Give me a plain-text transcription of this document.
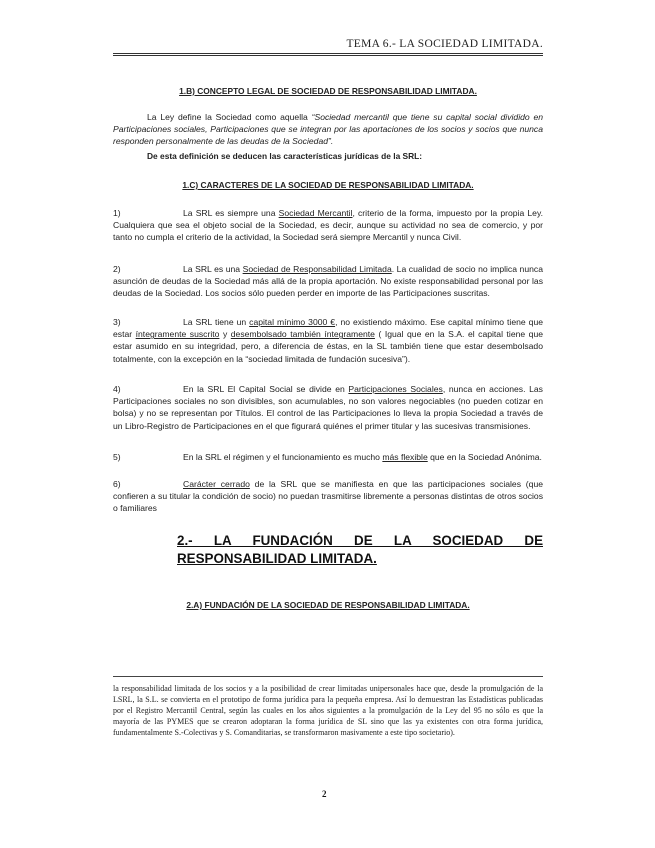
TEMA 6.- LA SOCIEDAD LIMITADA.
1.B) CONCEPTO LEGAL DE SOCIEDAD DE RESPONSABILIDAD LIMITADA.

La Ley define la Sociedad como aquella “Sociedad mercantil que tiene su capital social dividido en Participaciones sociales, Participaciones que se integran por las aportaciones de los socios y socios que nunca responden personalmente de las deudas de la Sociedad”.

De esta definición se deducen las características jurídicas de la SRL:

1.C) CARACTERES DE LA SOCIEDAD DE RESPONSABILIDAD LIMITADA.

1)	La SRL es siempre una Sociedad Mercantil, criterio de la forma, impuesto por la propia Ley. Cualquiera que sea el objeto social de la Sociedad, es decir, aunque su actividad no sea de comercio, y por tanto no cumpla el criterio de la actividad, la Sociedad será siempre Mercantil y nunca Civil.

2)	La SRL es una Sociedad de Responsabilidad Limitada. La cualidad de socio no implica nunca asunción de deudas de la Sociedad más allá de la propia aportación. No existe responsabilidad personal por las deudas de la Sociedad. Los socios sólo pueden perder en importe de las Participaciones suscritas.

3)	La SRL tiene un capital mínimo 3000 €, no existiendo máximo. Ese capital mínimo tiene que estar íntegramente suscrito y desembolsado también íntegramente ( Igual que en la S.A. el capital tiene que estar asumido en su integridad, pero, a diferencia de éstas, en la SL también tiene que estar desembolsado totalmente, con la excepción en la “sociedad limitada de fundación sucesiva”).

4)	En la SRL El Capital Social se divide en Participaciones Sociales, nunca en acciones. Las Participaciones sociales no son divisibles, son acumulables, no son valores negociables (no pueden cotizar en bolsa) y no se representan por Títulos. El control de las Participaciones lo lleva la propia Sociedad a través de un Libro-Registro de Participaciones en el que figurará quiénes el primer titular y las sucesivas transmisiones.

5)	En la SRL el régimen y el funcionamiento es mucho más flexible que en la Sociedad Anónima.

6)	Carácter cerrado de la SRL que se manifiesta en que las participaciones sociales (que confieren a su titular la condición de socio) no puedan trasmitirse libremente a personas distintas de otros socios o familiares

2.- LA FUNDACIÓN DE LA SOCIEDAD DE RESPONSABILIDAD LIMITADA.
2.A) FUNDACIÓN DE LA SOCIEDAD DE RESPONSABILIDAD LIMITADA.

la responsabilidad limitada de los socios y a la posibilidad de crear limitadas unipersonales hace que, desde la promulgación de la LSRL, la S.L. se convierta en el prototipo de forma jurídica para la pequeña empresa. Así lo demuestran las Estadísticas publicadas por el Registro Mercantil Central, según las cuales en los años siguientes a la promulgación de la Ley del 95 no sólo es que la mayoría de las PYMES que se crearon adoptaran la forma jurídica de SL sino que las ya existentes con otra forma jurídica, fundamentalmente S.-Colectivas y S. Comanditarias, se transformaron masivamente a este tipo societario).

2
